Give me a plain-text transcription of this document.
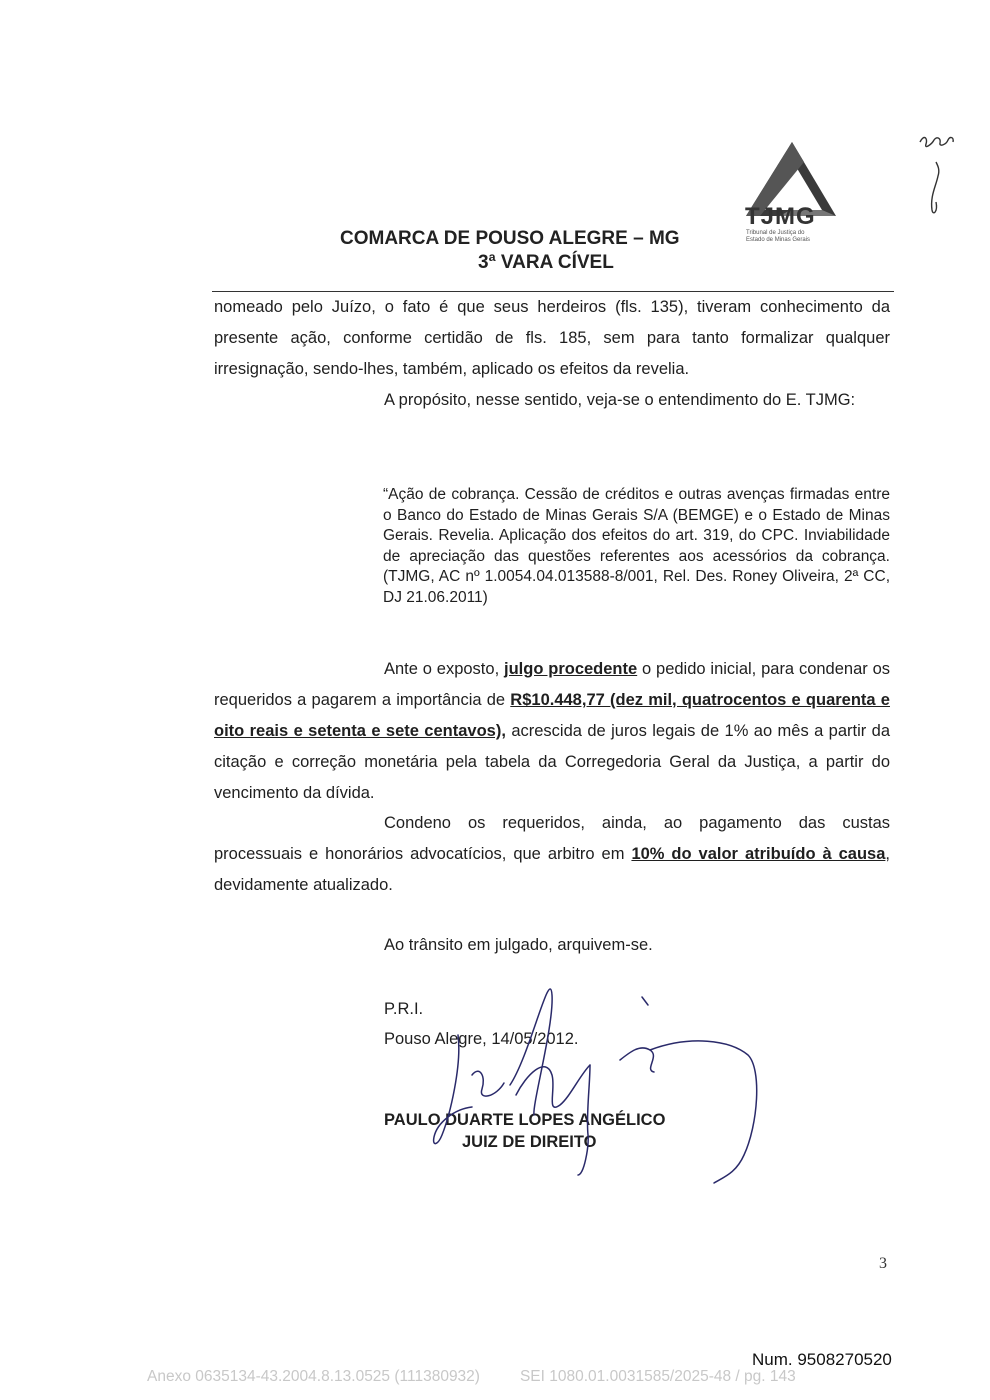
TJMG
Tribunal de Justiça do
Estado de Minas Gerais
COMARCA DE POUSO ALEGRE – MG
3ª VARA CÍVEL
nomeado pelo Juízo, o fato é que seus herdeiros (fls. 135), tiveram conhecimento da presente ação, conforme certidão de fls. 185, sem para tanto formalizar qualquer irresignação, sendo-lhes, também, aplicado os efeitos da revelia.
A propósito, nesse sentido, veja-se o entendimento do E. TJMG:
“Ação de cobrança. Cessão de créditos e outras avenças firmadas entre o Banco do Estado de Minas Gerais S/A (BEMGE) e o Estado de Minas Gerais. Revelia. Aplicação dos efeitos do art. 319, do CPC. Inviabilidade de apreciação das questões referentes aos acessórios da cobrança. (TJMG, AC nº 1.0054.04.013588-8/001, Rel. Des. Roney Oliveira, 2ª CC, DJ 21.06.2011)
Ante o exposto, julgo procedente o pedido inicial, para condenar os requeridos a pagarem a importância de R$10.448,77 (dez mil, quatrocentos e quarenta e oito reais e setenta e sete centavos), acrescida de juros legais de 1% ao mês a partir da citação e correção monetária pela tabela da Corregedoria Geral da Justiça, a partir do vencimento da dívida.
Condeno os requeridos, ainda, ao pagamento das custas processuais e honorários advocatícios, que arbitro em 10% do valor atribuído à causa, devidamente atualizado.
Ao trânsito em julgado, arquivem-se.
P.R.I.
Pouso Alegre, 14/05/2012.
PAULO DUARTE LOPES ANGÉLICO
JUIZ DE DIREITO
3
Num. 9508270520
Anexo 0635134-43.2004.8.13.0525 (111380932)	SEI 1080.01.0031585/2025-48 / pg. 143
